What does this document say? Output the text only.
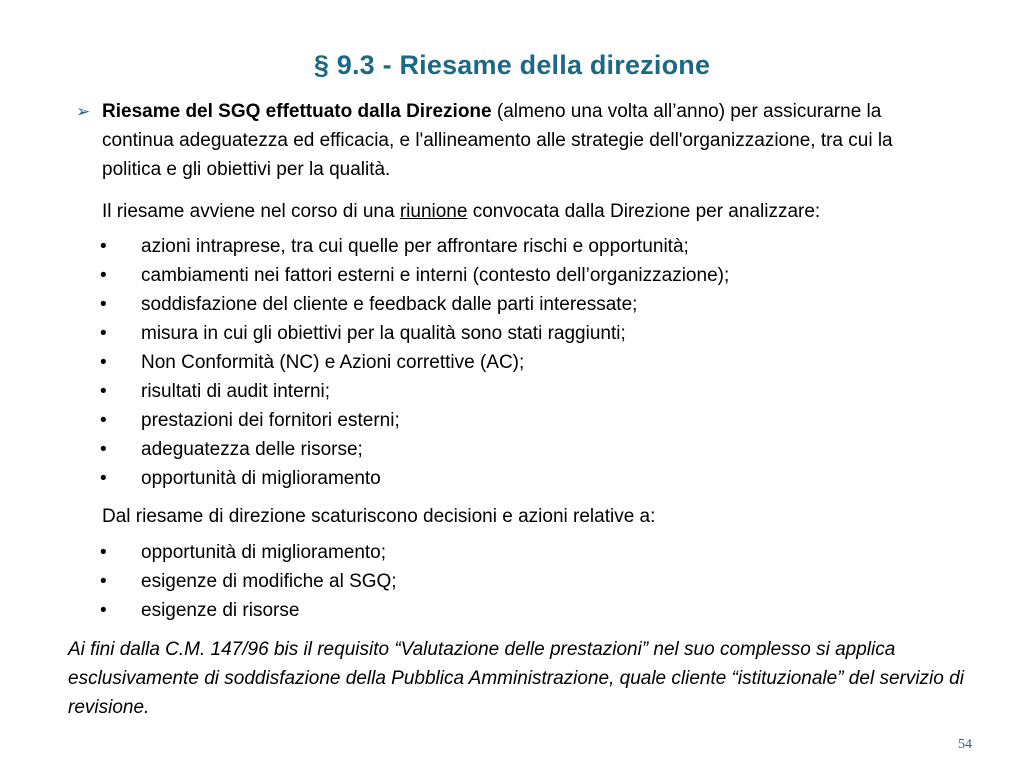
§ 9.3 - Riesame della direzione
➢ Riesame del SGQ effettuato dalla Direzione (almeno una volta all’anno) per assicurarne la continua adeguatezza ed efficacia, e l'allineamento alle strategie dell'organizzazione, tra cui la politica e gli obiettivi per la qualità.
Il riesame avviene nel corso di una riunione convocata dalla Direzione per analizzare:
• azioni intraprese, tra cui quelle per affrontare rischi e opportunità;
• cambiamenti nei fattori esterni e interni (contesto dell’organizzazione);
• soddisfazione del cliente e feedback dalle parti interessate;
• misura in cui gli obiettivi per la qualità sono stati raggiunti;
• Non Conformità (NC) e Azioni correttive (AC);
• risultati di audit interni;
• prestazioni dei fornitori esterni;
• adeguatezza delle risorse;
• opportunità di miglioramento
Dal riesame di direzione scaturiscono decisioni e azioni relative a:
• opportunità di miglioramento;
• esigenze di modifiche al SGQ;
• esigenze di risorse
Ai fini dalla C.M. 147/96 bis il requisito “Valutazione delle prestazioni” nel suo complesso si applica esclusivamente di soddisfazione della Pubblica Amministrazione, quale cliente “istituzionale” del servizio di revisione.
54
